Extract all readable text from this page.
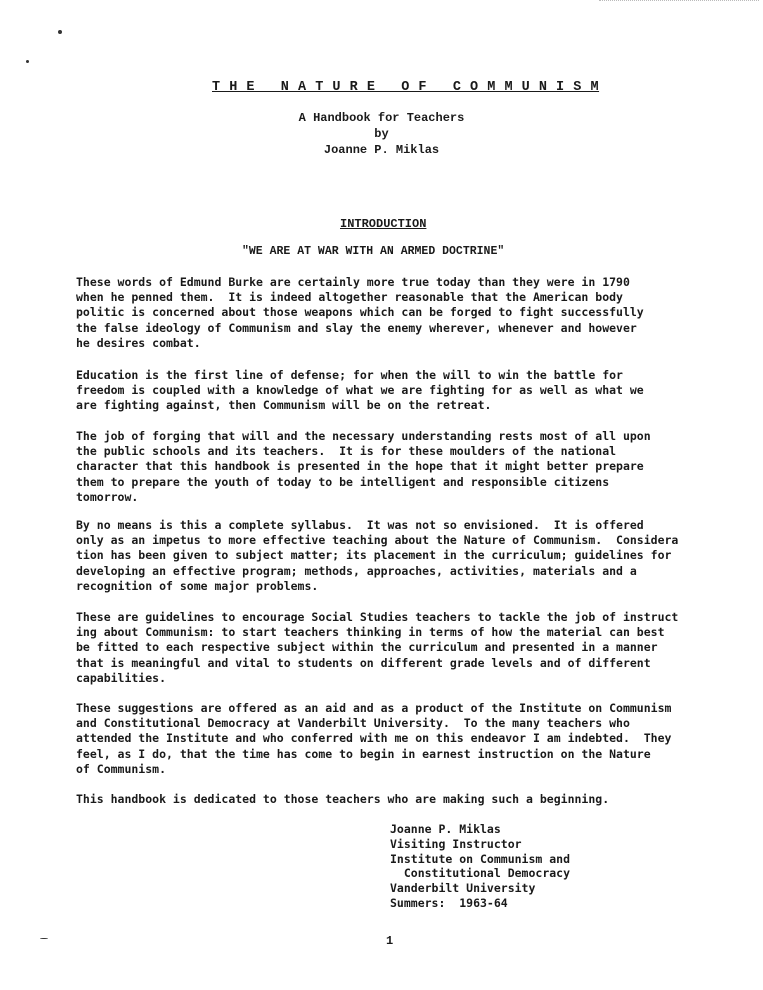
T H E   N A T U R E   O F   C O M M U N I S M
A Handbook for Teachers
by
Joanne P. Miklas
INTRODUCTION
"WE ARE AT WAR WITH AN ARMED DOCTRINE"
These words of Edmund Burke are certainly more true today than they were in 1790
when he penned them.  It is indeed altogether reasonable that the American body
politic is concerned about those weapons which can be forged to fight successfully
the false ideology of Communism and slay the enemy wherever, whenever and however
he desires combat.
Education is the first line of defense; for when the will to win the battle for
freedom is coupled with a knowledge of what we are fighting for as well as what we
are fighting against, then Communism will be on the retreat.
The job of forging that will and the necessary understanding rests most of all upon
the public schools and its teachers.  It is for these moulders of the national
character that this handbook is presented in the hope that it might better prepare
them to prepare the youth of today to be intelligent and responsible citizens
tomorrow.
By no means is this a complete syllabus.  It was not so envisioned.  It is offered
only as an impetus to more effective teaching about the Nature of Communism.  Considera
tion has been given to subject matter; its placement in the curriculum; guidelines for
developing an effective program; methods, approaches, activities, materials and a
recognition of some major problems.
These are guidelines to encourage Social Studies teachers to tackle the job of instruct
ing about Communism: to start teachers thinking in terms of how the material can best
be fitted to each respective subject within the curriculum and presented in a manner
that is meaningful and vital to students on different grade levels and of different
capabilities.
These suggestions are offered as an aid and as a product of the Institute on Communism
and Constitutional Democracy at Vanderbilt University.  To the many teachers who
attended the Institute and who conferred with me on this endeavor I am indebted.  They
feel, as I do, that the time has come to begin in earnest instruction on the Nature
of Communism.
This handbook is dedicated to those teachers who are making such a beginning.
Joanne P. Miklas
Visiting Instructor
Institute on Communism and
Constitutional Democracy
Vanderbilt University
Summers:  1963-64
1
